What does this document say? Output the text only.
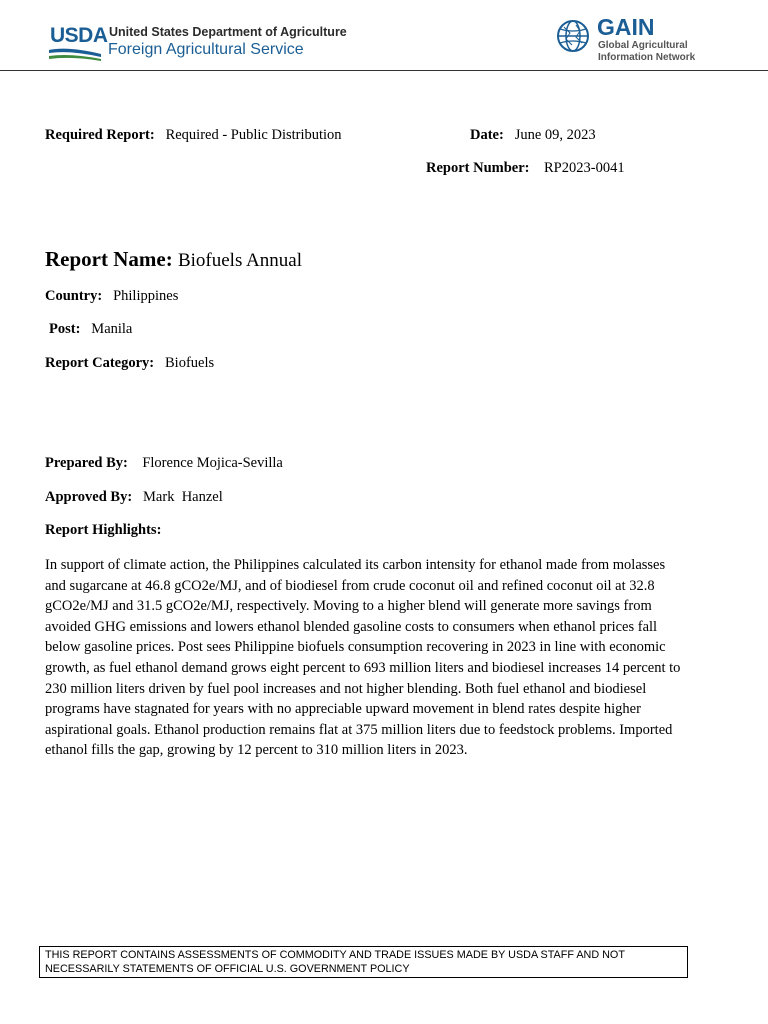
USDA United States Department of Agriculture
Foreign Agricultural Service
GAIN
Global Agricultural
Information Network
Required Report: Required - Public Distribution	Date: June 09, 2023
Report Number: RP2023-0041
Report Name: Biofuels Annual
Country: Philippines
Post: Manila
Report Category: Biofuels
Prepared By: Florence Mojica-Sevilla
Approved By: Mark  Hanzel
Report Highlights:
In support of climate action, the Philippines calculated its carbon intensity for ethanol made from molasses and sugarcane at 46.8 gCO2e/MJ, and of biodiesel from crude coconut oil and refined coconut oil at 32.8 gCO2e/MJ and 31.5 gCO2e/MJ, respectively. Moving to a higher blend will generate more savings from avoided GHG emissions and lowers ethanol blended gasoline costs to consumers when ethanol prices fall below gasoline prices. Post sees Philippine biofuels consumption recovering in 2023 in line with economic growth, as fuel ethanol demand grows eight percent to 693 million liters and biodiesel increases 14 percent to 230 million liters driven by fuel pool increases and not higher blending. Both fuel ethanol and biodiesel programs have stagnated for years with no appreciable upward movement in blend rates despite higher aspirational goals. Ethanol production remains flat at 375 million liters due to feedstock problems. Imported ethanol fills the gap, growing by 12 percent to 310 million liters in 2023.
THIS REPORT CONTAINS ASSESSMENTS OF COMMODITY AND TRADE ISSUES MADE BY USDA STAFF AND NOT NECESSARILY STATEMENTS OF OFFICIAL U.S. GOVERNMENT POLICY
